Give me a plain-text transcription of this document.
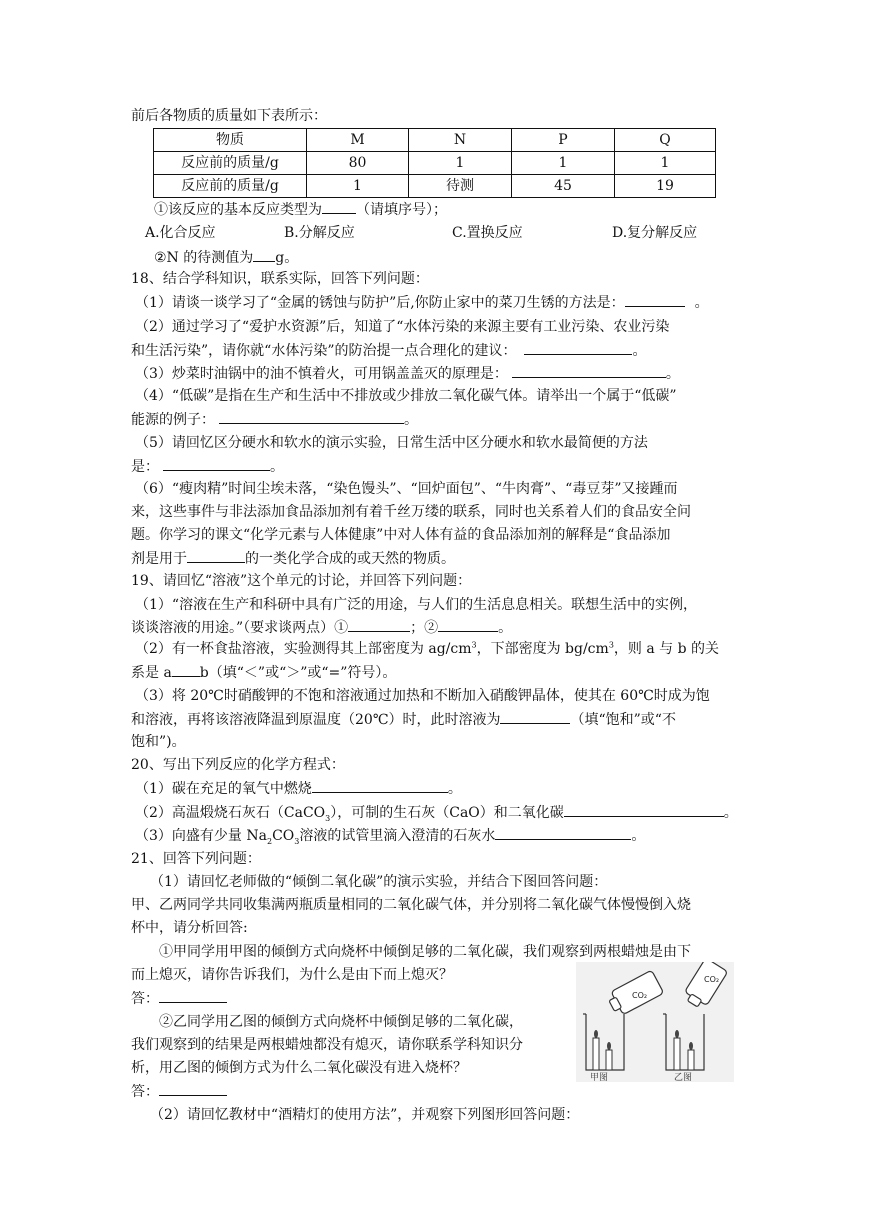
前后各物质的质量如下表所示：
物质	M	N	P	Q
反应前的质量/g	80	1	1	1
反应前的质量/g	1	待测	45	19
①该反应的基本反应类型为 （请填序号）；
A.化合反应	B.分解反应	C.置换反应	D.复分解反应
②N 的待测值为 g。
18、结合学科知识，联系实际，回答下列问题：
（1）请谈一谈学习了“金属的锈蚀与防护”后,你防止家中的菜刀生锈的方法是：	。
（2）通过学习了“爱护水资源”后，知道了“水体污染的来源主要有工业污染、农业污染
和生活污染”，请你就“水体污染”的防治提一点合理化的建议：	。
（3）炒菜时油锅中的油不慎着火，可用锅盖盖灭的原理是：	。
（4）“低碳”是指在生产和生活中不排放或少排放二氧化碳气体。请举出一个属于“低碳”
能源的例子：	。
（5）请回忆区分硬水和软水的演示实验，日常生活中区分硬水和软水最简便的方法
是：	。
（6）“瘦肉精”时间尘埃未落，“染色馒头”、“回炉面包”、“牛肉膏”、“毒豆芽”又接踵而
来，这些事件与非法添加食品添加剂有着千丝万缕的联系，同时也关系着人们的食品安全问
题。你学习的课文“化学元素与人体健康”中对人体有益的食品添加剂的解释是“食品添加
剂是用于	的一类化学合成的或天然的物质。
19、请回忆“溶液”这个单元的讨论，并回答下列问题：
（1）“溶液在生产和科研中具有广泛的用途，与人们的生活息息相关。联想生活中的实例，
谈谈溶液的用途。”（要求谈两点）①	；②	。
（2）有一杯食盐溶液，实验测得其上部密度为 $ag/cm^3$，下部密度为 $bg/cm^3$，则 a 与 b 的关
系是 a b（填“＜”或“＞”或“=”符号）。
（3）将 20℃时硝酸钾的不饱和溶液通过加热和不断加入硝酸钾晶体，使其在 60℃时成为饱
和溶液，再将该溶液降温到原温度（20℃）时，此时溶液为	（填“饱和”或“不
饱和”)。
20、写出下列反应的化学方程式：
（1）碳在充足的氧气中燃烧	。
（2）高温煅烧石灰石（CaCO$_3$），可制的生石灰（CaO）和二氧化碳	。
（3）向盛有少量 $Na_2CO_3$溶液的试管里滴入澄清的石灰水	。
21、回答下列问题：
（1）请回忆老师做的“倾倒二氧化碳”的演示实验，并结合下图回答问题：
甲、乙两同学共同收集满两瓶质量相同的二氧化碳气体，并分别将二氧化碳气体慢慢倒入烧
杯中，请分析回答:
①甲同学用甲图的倾倒方式向烧杯中倾倒足够的二氧化碳，我们观察到两根蜡烛是由下
而上熄灭，请你告诉我们，为什么是由下而上熄灭？
答：
②乙同学用乙图的倾倒方式向烧杯中倾倒足够的二氧化碳，
我们观察到的结果是两根蜡烛都没有熄灭，请你联系学科知识分
析，用乙图的倾倒方式为什么二氧化碳没有进入烧杯？
答：
（2）请回忆教材中“酒精灯的使用方法”，并观察下列图形回答问题：
CO₂
CO₂
甲图	乙图
